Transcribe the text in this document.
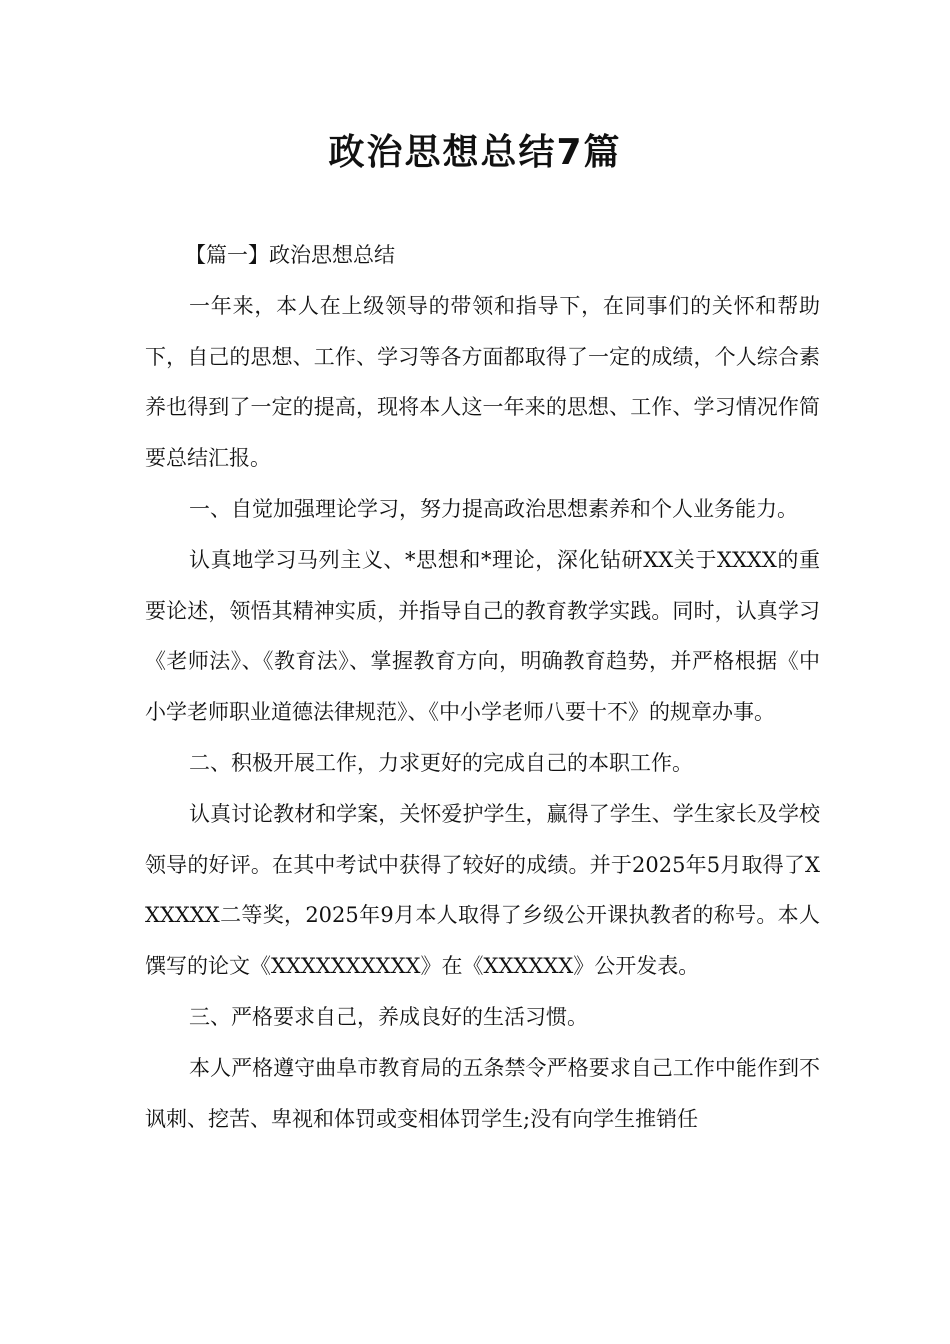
政治思想总结7篇

【篇一】政治思想总结

一年来，本人在上级领导的带领和指导下，在同事们的关怀和帮助下，自己的思想、工作、学习等各方面都取得了一定的成绩，个人综合素养也得到了一定的提高，现将本人这一年来的思想、工作、学习情况作简要总结汇报。

一、自觉加强理论学习，努力提高政治思想素养和个人业务能力。

认真地学习马列主义、*思想和*理论，深化钻研XX关于XXXX的重要论述，领悟其精神实质，并指导自己的教育教学实践。同时，认真学习《老师法》、《教育法》、掌握教育方向，明确教育趋势，并严格根据《中小学老师职业道德法律规范》、《中小学老师八要十不》的规章办事。

二、积极开展工作，力求更好的完成自己的本职工作。

认真讨论教材和学案，关怀爱护学生，赢得了学生、学生家长及学校领导的好评。在其中考试中获得了较好的成绩。并于2025年5月取得了XXXXXX二等奖，2025年9月本人取得了乡级公开课执教者的称号。本人馔写的论文《XXXXXXXXXX》在《XXXXXX》公开发表。

三、严格要求自己，养成良好的生活习惯。

本人严格遵守曲阜市教育局的五条禁令严格要求自己工作中能作到不讽刺、挖苦、卑视和体罚或变相体罚学生;没有向学生推销任
